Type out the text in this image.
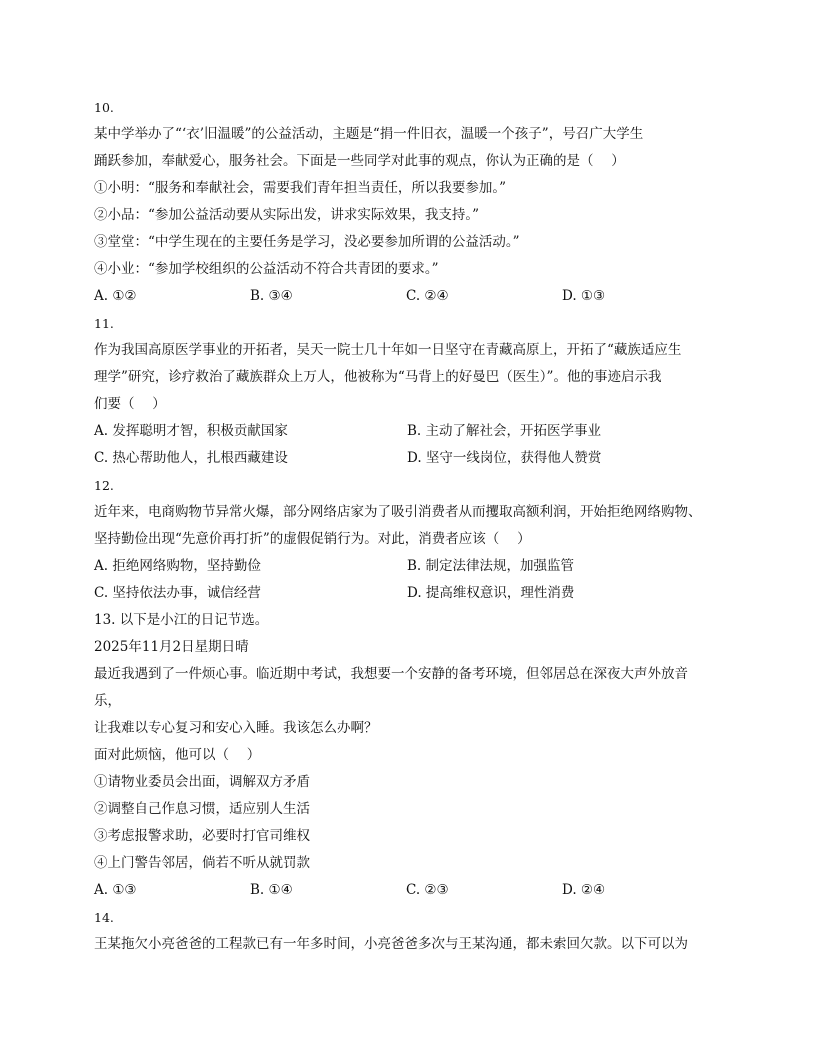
10.
某中学举办了“‘衣’旧温暖”的公益活动，主题是“捐一件旧衣，温暖一个孩子”，号召广大学生
踊跃参加，奉献爱心，服务社会。下面是一些同学对此事的观点，你认为正确的是（　 ）
①小明：“服务和奉献社会，需要我们青年担当责任，所以我要参加。”
②小品：“参加公益活动要从实际出发，讲求实际效果，我支持。”
③堂堂：“中学生现在的主要任务是学习，没必要参加所谓的公益活动。”
④小业：“参加学校组织的公益活动不符合共青团的要求。”
A. ①②	B. ③④	C. ②④	D. ①③
11.
作为我国高原医学事业的开拓者，吴天一院士几十年如一日坚守在青藏高原上，开拓了“藏族适应生
理学”研究，诊疗救治了藏族群众上万人，他被称为“马背上的好曼巴（医生）”。他的事迹启示我
们要（　 ）
A. 发挥聪明才智，积极贡献国家	B. 主动了解社会，开拓医学事业
C. 热心帮助他人，扎根西藏建设	D. 坚守一线岗位，获得他人赞赏
12.
近年来，电商购物节异常火爆，部分网络店家为了吸引消费者从而攫取高额利润，开始拒绝网络购物、
坚持勤俭出现“先意价再打折”的虚假促销行为。对此，消费者应该（　 ）
A. 拒绝网络购物，坚持勤俭	B. 制定法律法规，加强监管
C. 坚持依法办事，诚信经营	D. 提高维权意识，理性消费
13. 以下是小江的日记节选。
2025年11月2日星期日晴
最近我遇到了一件烦心事。临近期中考试，我想要一个安静的备考环境，但邻居总在深夜大声外放音
乐，
让我难以专心复习和安心入睡。我该怎么办啊？
面对此烦恼，他可以（　 ）
①请物业委员会出面，调解双方矛盾
②调整自己作息习惯，适应别人生活
③考虑报警求助，必要时打官司维权
④上门警告邻居，倘若不听从就罚款
A. ①③	B. ①④	C. ②③	D. ②④
14.
王某拖欠小亮爸爸的工程款已有一年多时间，小亮爸爸多次与王某沟通，都未索回欠款。以下可以为
